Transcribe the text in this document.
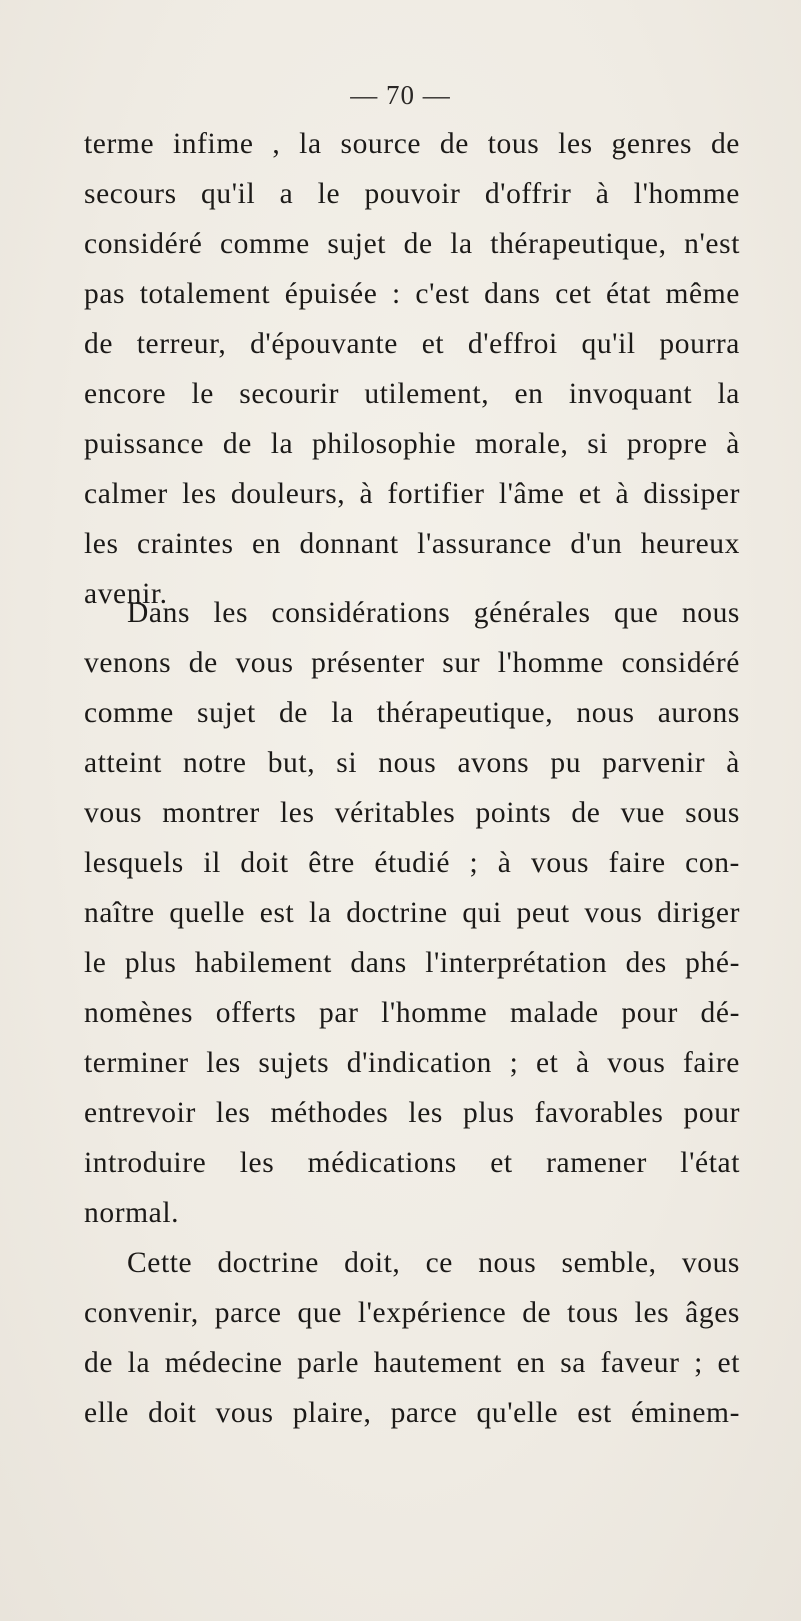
— 70 —
terme infime , la source de tous les genres de
secours qu'il a le pouvoir d'offrir à l'homme
considéré comme sujet de la thérapeutique, n'est
pas totalement épuisée : c'est dans cet état même
de terreur, d'épouvante et d'effroi qu'il pourra
encore le secourir utilement, en invoquant la
puissance de la philosophie morale, si propre à
calmer les douleurs, à fortifier l'âme et à dissiper
les craintes en donnant l'assurance d'un heureux
avenir.
Dans les considérations générales que nous
venons de vous présenter sur l'homme considéré
comme sujet de la thérapeutique, nous aurons
atteint notre but, si nous avons pu parvenir à
vous montrer les véritables points de vue sous
lesquels il doit être étudié ; à vous faire con-
naître quelle est la doctrine qui peut vous diriger
le plus habilement dans l'interprétation des phé-
nomènes offerts par l'homme malade pour dé-
terminer les sujets d'indication ; et à vous faire
entrevoir les méthodes les plus favorables pour
introduire les médications et ramener l'état
normal.
Cette doctrine doit, ce nous semble, vous
convenir, parce que l'expérience de tous les âges
de la médecine parle hautement en sa faveur ; et
elle doit vous plaire, parce qu'elle est éminem-
